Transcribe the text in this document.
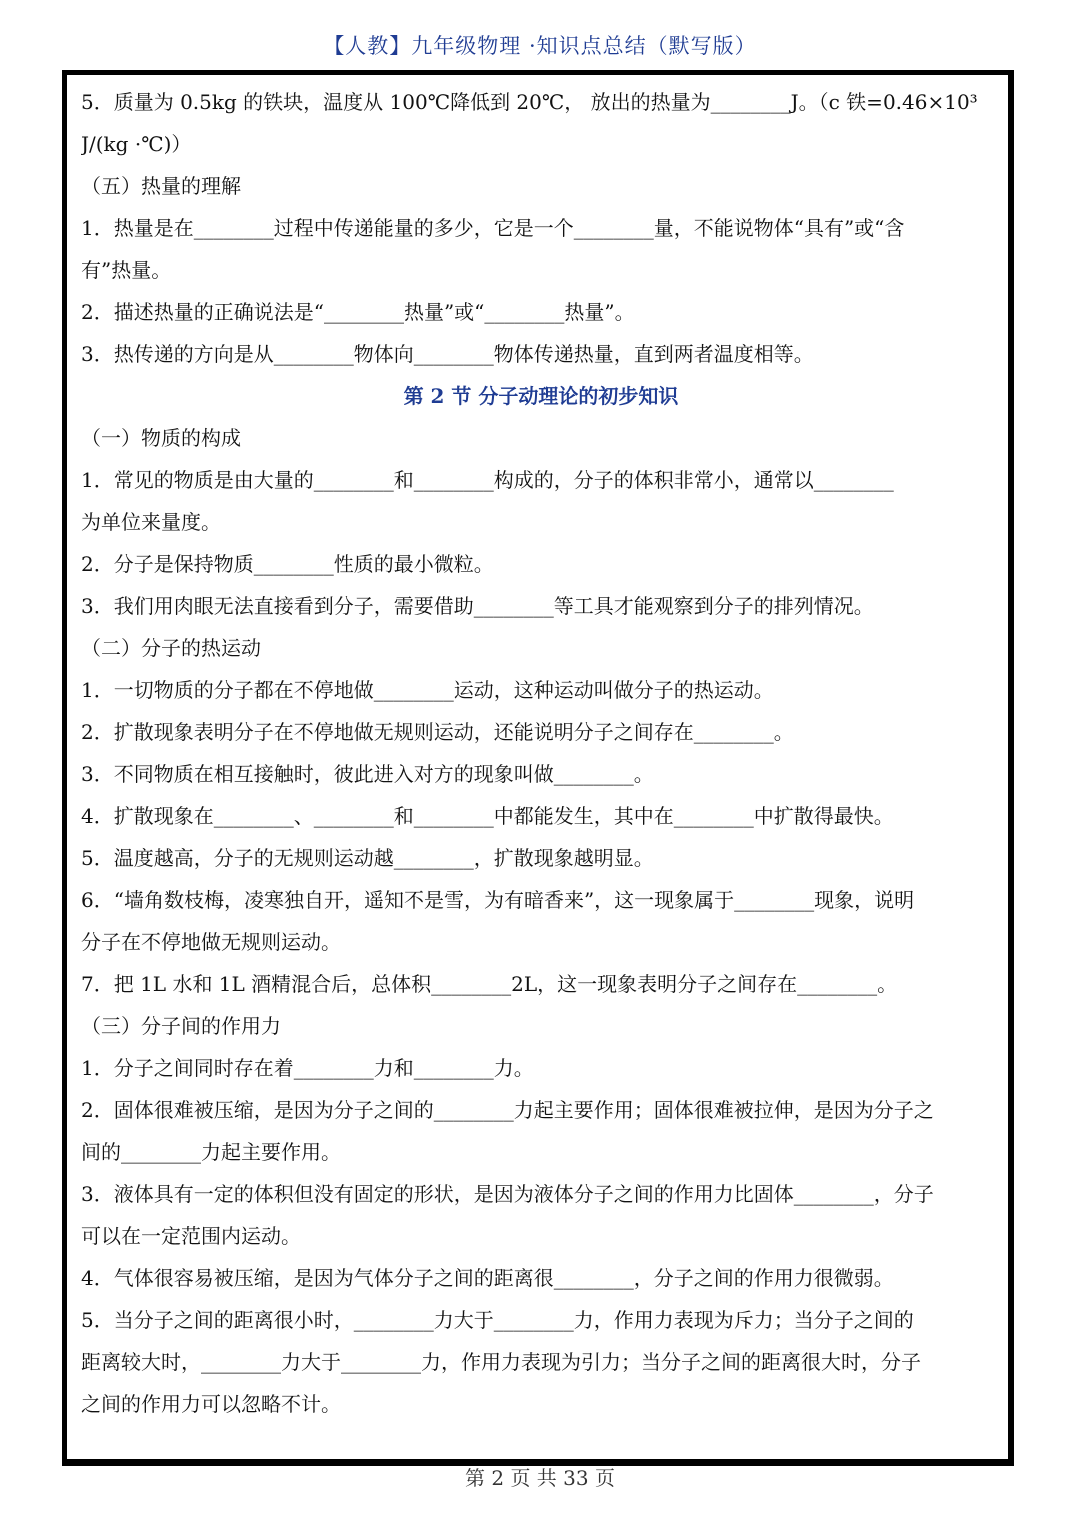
【人教】九年级物理 ·知识点总结（默写版）
5．质量为 0.5kg 的铁块，温度从 100℃降低到 20℃， 放出的热量为________J。（c 铁=0.46×10³
J/(kg ·℃)）
（五）热量的理解
1．热量是在________过程中传递能量的多少，它是一个________量，不能说物体“具有”或“含
有”热量。
2．描述热量的正确说法是“________热量”或“________热量”。
3．热传递的方向是从________物体向________物体传递热量，直到两者温度相等。
第 2 节 分子动理论的初步知识
（一）物质的构成
1．常见的物质是由大量的________和________构成的，分子的体积非常小，通常以________
为单位来量度。
2．分子是保持物质________性质的最小微粒。
3．我们用肉眼无法直接看到分子，需要借助________等工具才能观察到分子的排列情况。
（二）分子的热运动
1．一切物质的分子都在不停地做________运动，这种运动叫做分子的热运动。
2．扩散现象表明分子在不停地做无规则运动，还能说明分子之间存在________。
3．不同物质在相互接触时，彼此进入对方的现象叫做________。
4．扩散现象在________、________和________中都能发生，其中在________中扩散得最快。
5．温度越高，分子的无规则运动越________，扩散现象越明显。
6．“墙角数枝梅，凌寒独自开，遥知不是雪，为有暗香来”，这一现象属于________现象，说明
分子在不停地做无规则运动。
7．把 1L 水和 1L 酒精混合后，总体积________2L，这一现象表明分子之间存在________。
（三）分子间的作用力
1．分子之间同时存在着________力和________力。
2．固体很难被压缩，是因为分子之间的________力起主要作用；固体很难被拉伸，是因为分子之
间的________力起主要作用。
3．液体具有一定的体积但没有固定的形状，是因为液体分子之间的作用力比固体________，分子
可以在一定范围内运动。
4．气体很容易被压缩，是因为气体分子之间的距离很________，分子之间的作用力很微弱。
5．当分子之间的距离很小时，________力大于________力，作用力表现为斥力；当分子之间的
距离较大时，________力大于________力，作用力表现为引力；当分子之间的距离很大时，分子
之间的作用力可以忽略不计。
第 2 页 共 33 页
